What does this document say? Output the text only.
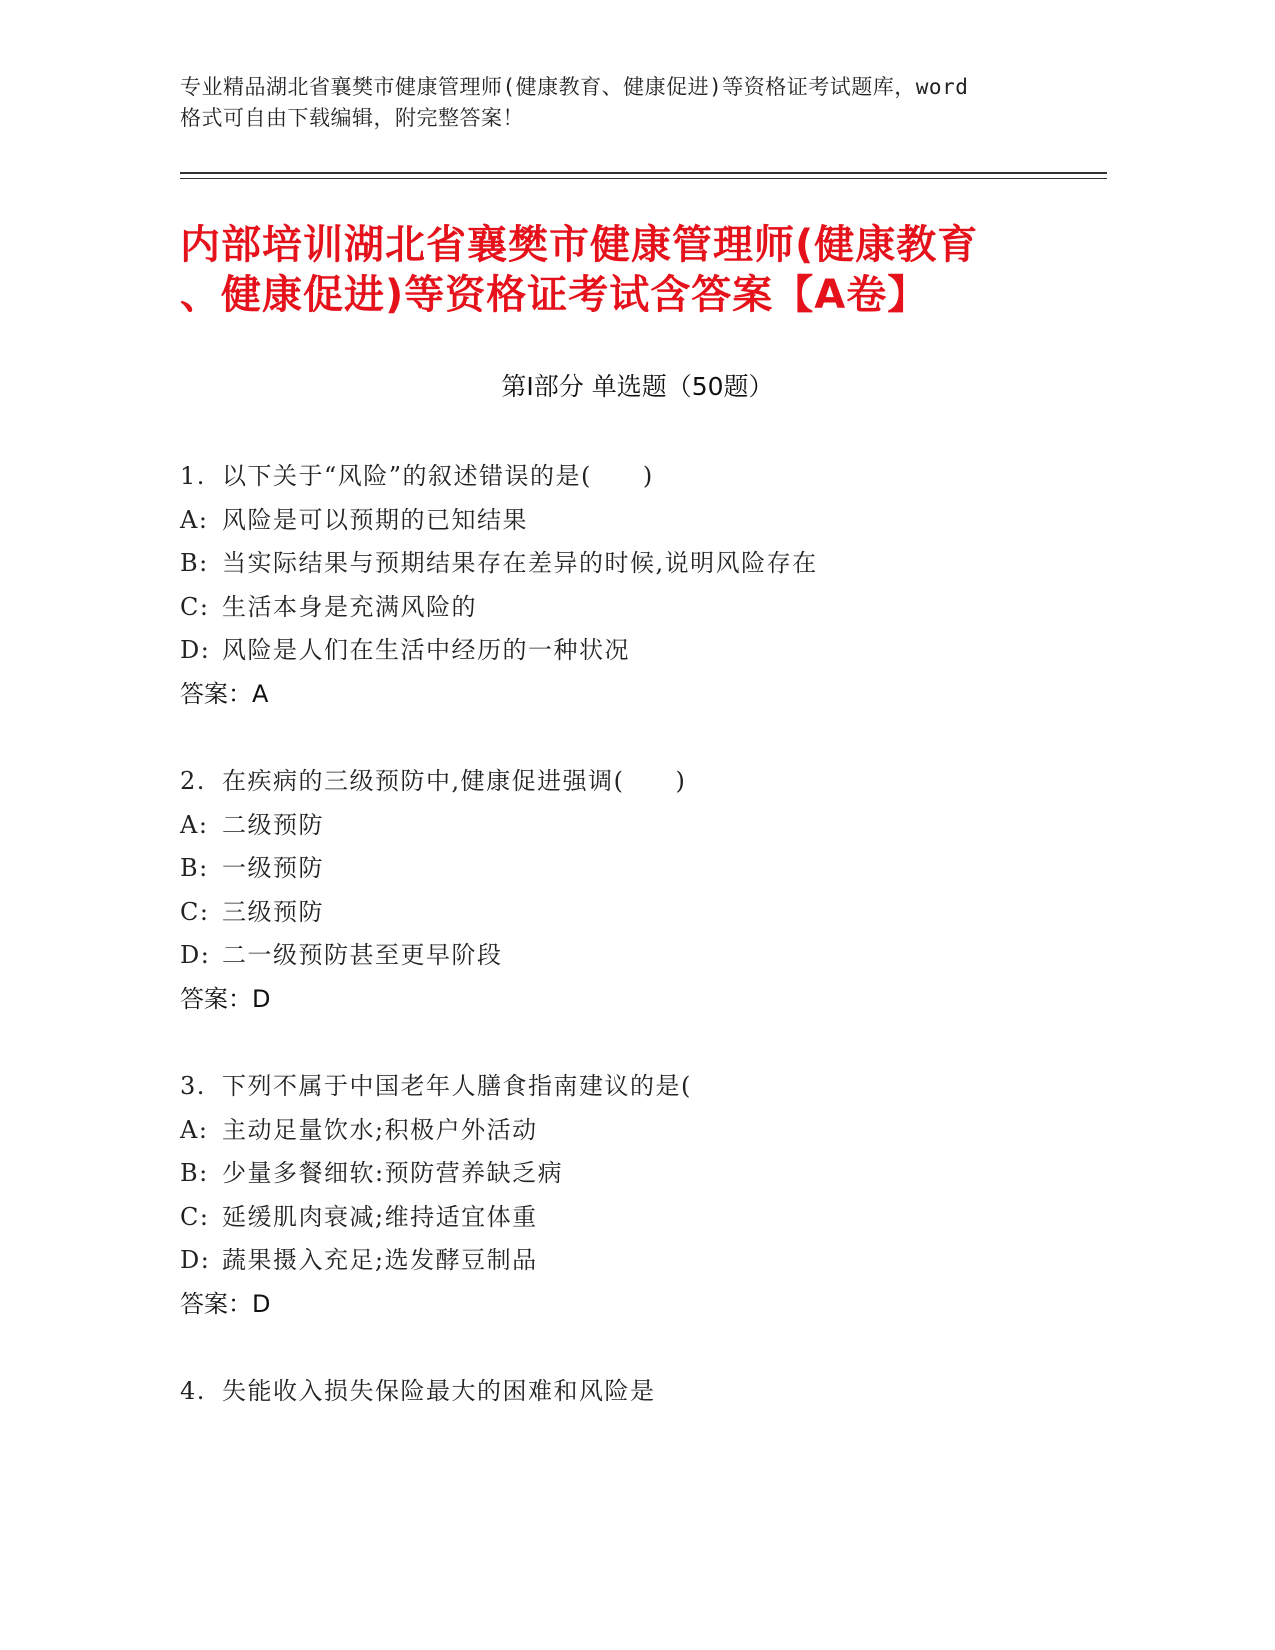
专业精品湖北省襄樊市健康管理师(健康教育、健康促进)等资格证考试题库，word
格式可自由下载编辑，附完整答案！
内部培训湖北省襄樊市健康管理师(健康教育
、健康促进)等资格证考试含答案【A卷】
第Ⅰ部分 单选题（50题）
1. 以下关于“风险”的叙述错误的是(　　)
A: 风险是可以预期的已知结果
B: 当实际结果与预期结果存在差异的时候,说明风险存在
C: 生活本身是充满风险的
D: 风险是人们在生活中经历的一种状况
答案：A
2. 在疾病的三级预防中,健康促进强调(　　)
A: 二级预防
B: 一级预防
C: 三级预防
D: 二一级预防甚至更早阶段
答案：D
3. 下列不属于中国老年人膳食指南建议的是(
A: 主动足量饮水;积极户外活动
B: 少量多餐细软:预防营养缺乏病
C: 延缓肌肉衰减;维持适宜体重
D: 蔬果摄入充足;选发酵豆制品
答案：D
4. 失能收入损失保险最大的困难和风险是
